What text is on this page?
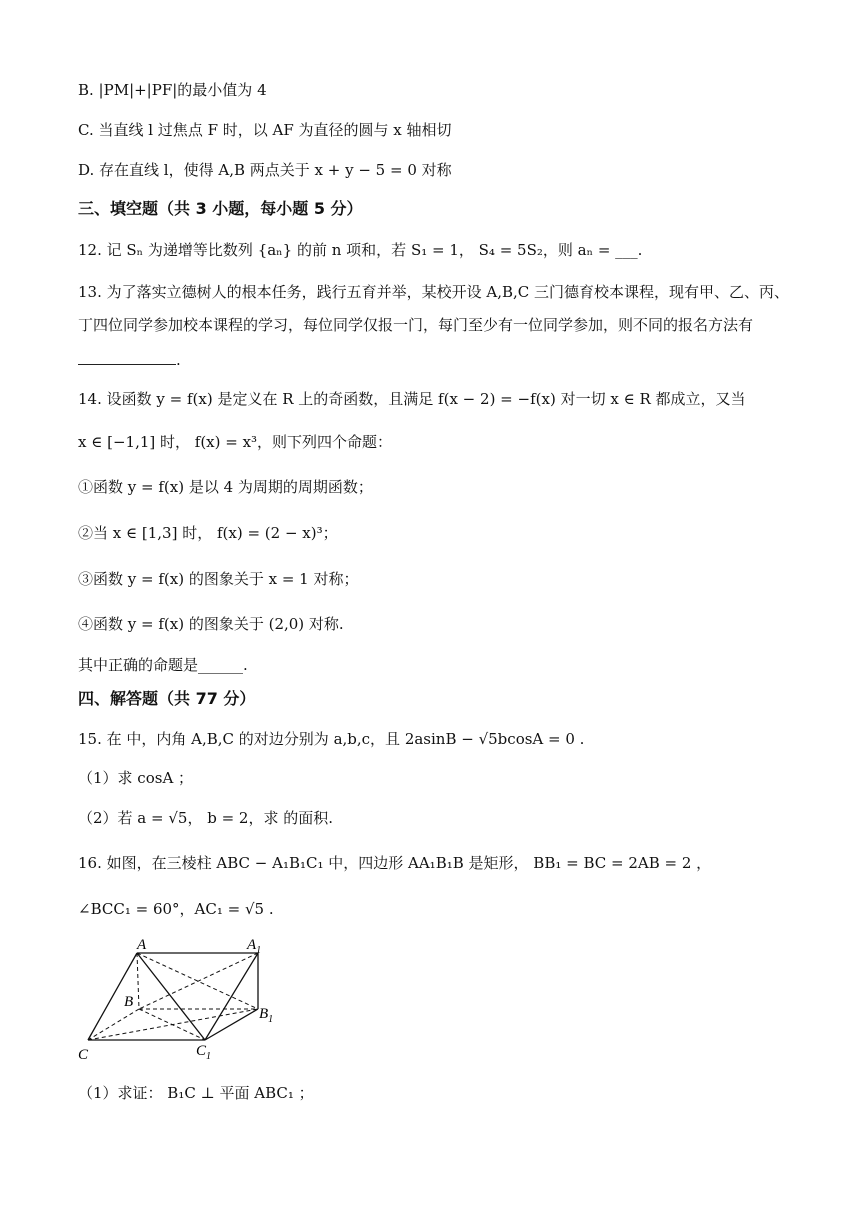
B. |PM|+|PF|的最小值为 4
C. 当直线 l 过焦点 F 时，以 AF 为直径的圆与 x 轴相切
D. 存在直线 l，使得 A,B 两点关于 x + y − 5 = 0 对称
三、填空题（共 3 小题，每小题 5 分）
12. 记 Sₙ 为递增等比数列 {aₙ} 的前 n 项和，若 S₁ = 1， S₄ = 5S₂，则 aₙ = ___.
13. 为了落实立德树人的根本任务，践行五育并举，某校开设 A,B,C 三门德育校本课程，现有甲、乙、丙、
丁四位同学参加校本课程的学习，每位同学仅报一门，每门至少有一位同学参加，则不同的报名方法有
.
14. 设函数 y = f(x) 是定义在 R 上的奇函数，且满足 f(x − 2) = −f(x) 对一切 x ∈ R 都成立，又当
x ∈ [−1,1] 时， f(x) = x³，则下列四个命题：
①函数 y = f(x) 是以 4 为周期的周期函数；
②当 x ∈ [1,3] 时， f(x) = (2 − x)³；
③函数 y = f(x) 的图象关于 x = 1 对称；
④函数 y = f(x) 的图象关于 (2,0) 对称.
其中正确的命题是______.
四、解答题（共 77 分）
15. 在 中，内角 A,B,C 的对边分别为 a,b,c，且 2asinB − √5bcosA = 0 .
（1）求 cosA ；
（2）若 a = √5， b = 2，求 的面积.
16. 如图，在三棱柱 ABC − A₁B₁C₁ 中，四边形 AA₁B₁B 是矩形， BB₁ = BC = 2AB = 2 ，
∠BCC₁ = 60°，AC₁ = √5 .
A	$A_1$
B
$B_1$
C	$C_1$
（1）求证： B₁C ⊥ 平面 ABC₁ ；
